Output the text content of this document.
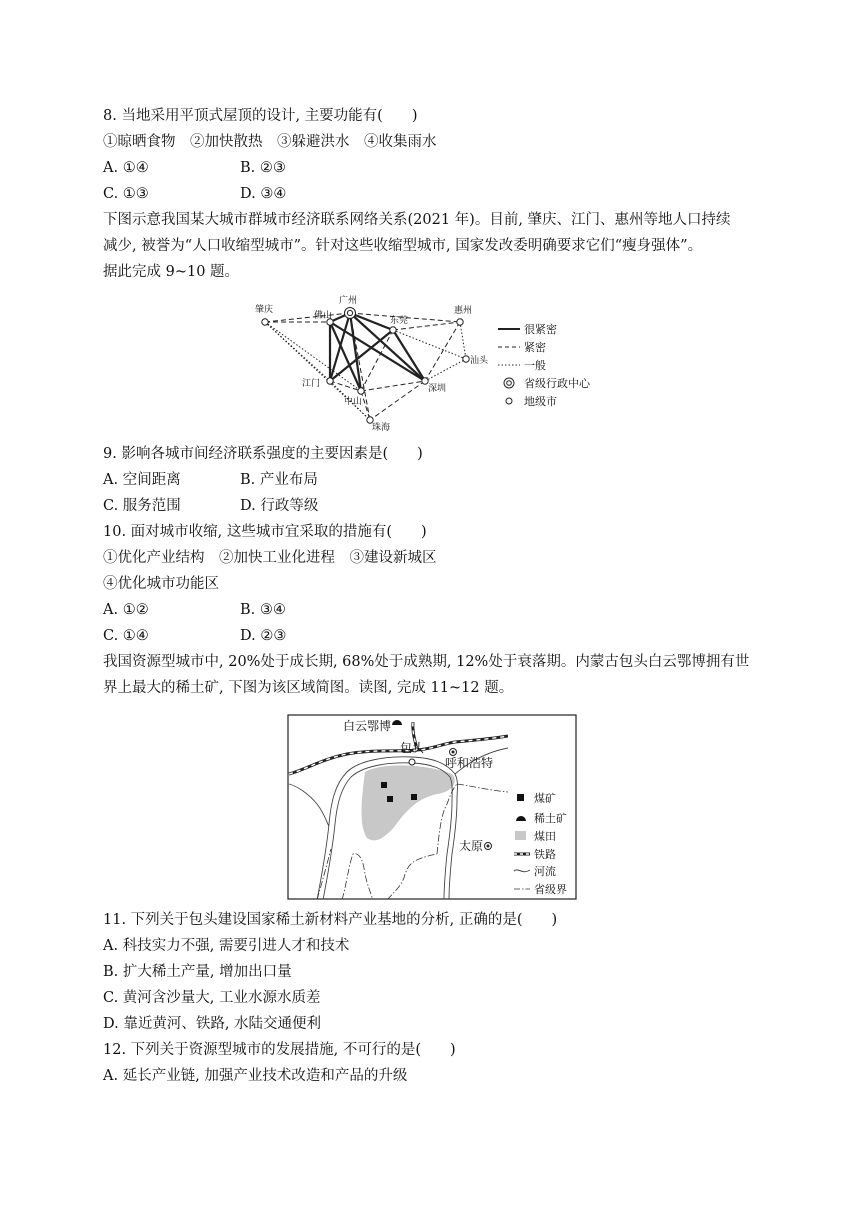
8. 当地采用平顶式屋顶的设计, 主要功能有(　　)
①晾晒食物　②加快散热　③躲避洪水　④收集雨水
A. ①④	B. ②③
C. ①③	D. ③④
下图示意我国某大城市群城市经济联系网络关系(2021 年)。目前, 肇庆、江门、惠州等地人口持续
减少, 被誉为“人口收缩型城市”。针对这些收缩型城市, 国家发改委明确要求它们“瘦身强体”。
据此完成 9~10 题。
肇庆
佛山
广州
东莞
惠州
汕头
江门
中山
深圳
珠海
很紧密
紧密
一般
省级行政中心
地级市
9. 影响各城市间经济联系强度的主要因素是(　　)
A. 空间距离	B. 产业布局
C. 服务范围	D. 行政等级
10. 面对城市收缩, 这些城市宜采取的措施有(　　)
①优化产业结构　②加快工业化进程　③建设新城区
④优化城市功能区
A. ①②	B. ③④
C. ①④	D. ②③
我国资源型城市中, 20%处于成长期, 68%处于成熟期, 12%处于衰落期。内蒙古包头白云鄂博拥有世
界上最大的稀土矿, 下图为该区域简图。读图, 完成 11~12 题。
白云鄂博
包头
呼和浩特
太原
煤矿
稀土矿
煤田
铁路
河流
省级界
11. 下列关于包头建设国家稀土新材料产业基地的分析, 正确的是(　　)
A. 科技实力不强, 需要引进人才和技术
B. 扩大稀土产量, 增加出口量
C. 黄河含沙量大, 工业水源水质差
D. 靠近黄河、铁路, 水陆交通便利
12. 下列关于资源型城市的发展措施, 不可行的是(　　)
A. 延长产业链, 加强产业技术改造和产品的升级
